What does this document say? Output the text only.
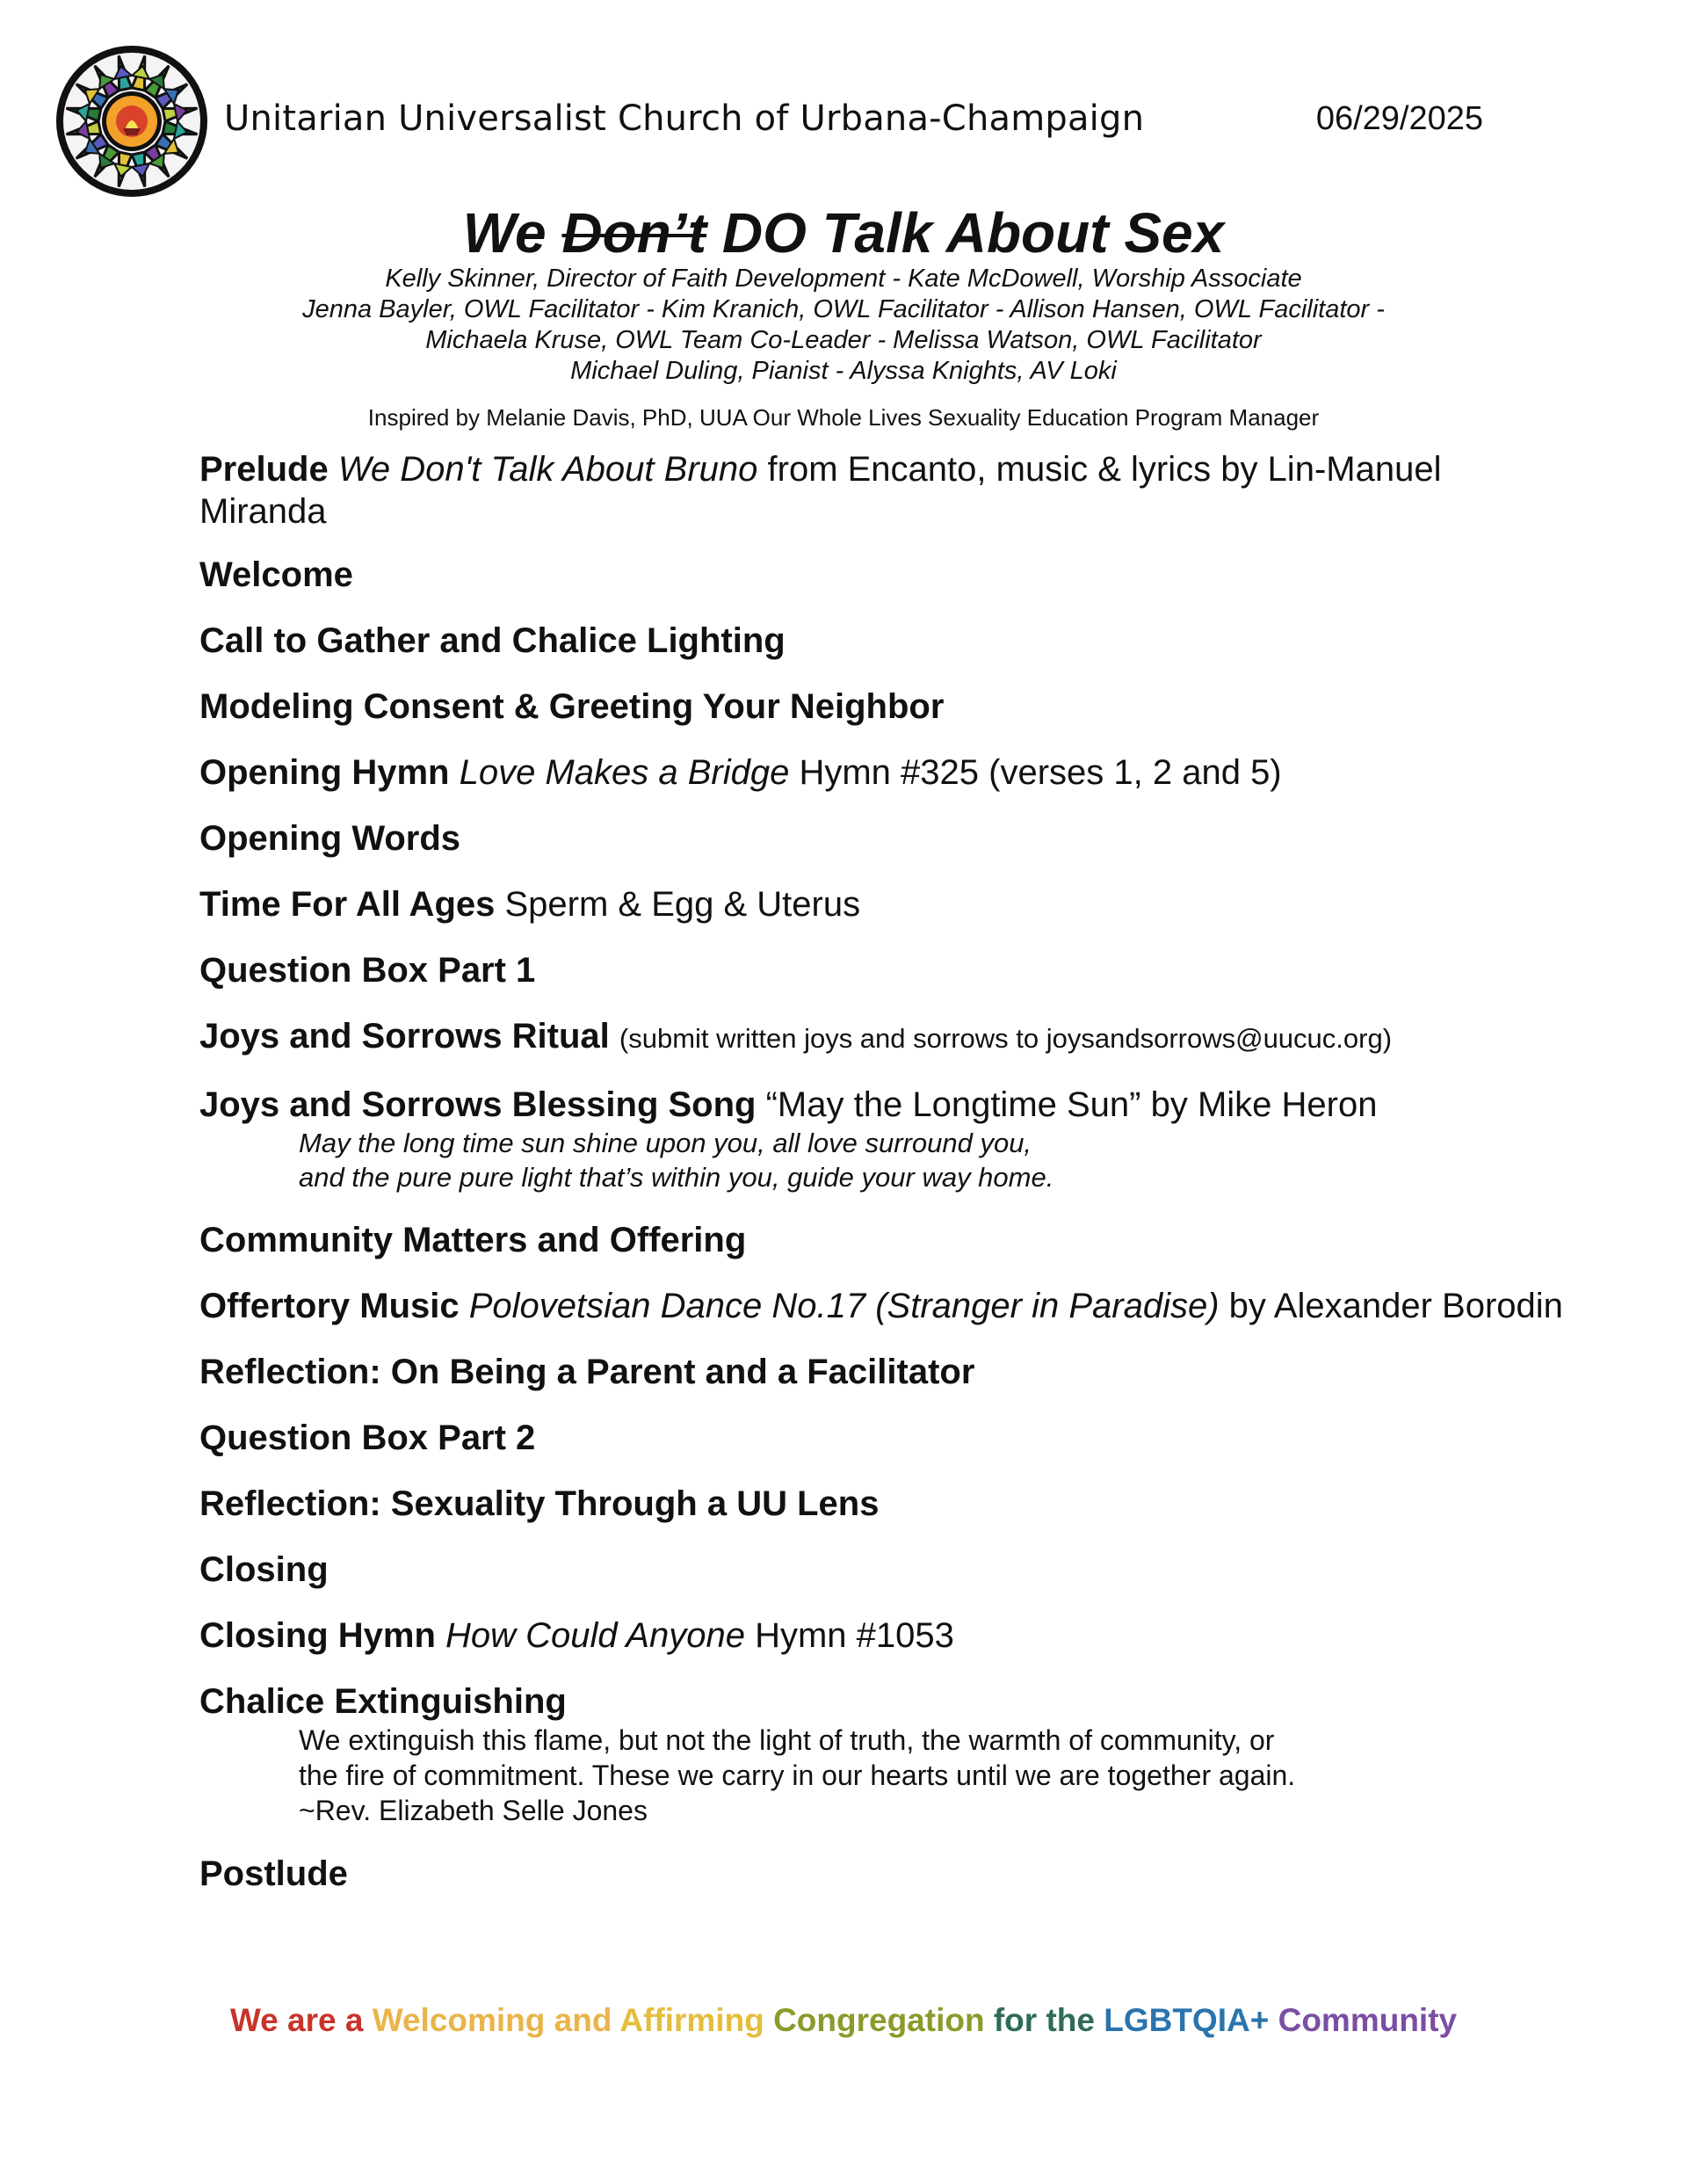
Unitarian Universalist Church of Urbana-Champaign	06/29/2025
We Don’t DO Talk About Sex
Kelly Skinner, Director of Faith Development - Kate McDowell, Worship Associate
Jenna Bayler, OWL Facilitator - Kim Kranich, OWL Facilitator - Allison Hansen, OWL Facilitator -
Michaela Kruse, OWL Team Co-Leader - Melissa Watson, OWL Facilitator
Michael Duling, Pianist - Alyssa Knights, AV Loki
Inspired by Melanie Davis, PhD, UUA Our Whole Lives Sexuality Education Program Manager
Prelude We Don't Talk About Bruno from Encanto, music & lyrics by Lin-Manuel Miranda
Welcome
Call to Gather and Chalice Lighting
Modeling Consent & Greeting Your Neighbor
Opening Hymn Love Makes a Bridge Hymn #325 (verses 1, 2 and 5)
Opening Words
Time For All Ages Sperm & Egg & Uterus
Question Box Part 1
Joys and Sorrows Ritual (submit written joys and sorrows to joysandsorrows@uucuc.org)
Joys and Sorrows Blessing Song “May the Longtime Sun” by Mike Heron
May the long time sun shine upon you, all love surround you,
and the pure pure light that’s within you, guide your way home.
Community Matters and Offering
Offertory Music Polovetsian Dance No.17 (Stranger in Paradise) by Alexander Borodin
Reflection: On Being a Parent and a Facilitator
Question Box Part 2
Reflection: Sexuality Through a UU Lens
Closing
Closing Hymn How Could Anyone Hymn #1053
Chalice Extinguishing
We extinguish this flame, but not the light of truth, the warmth of community, or
the fire of commitment. These we carry in our hearts until we are together again.
~Rev. Elizabeth Selle Jones
Postlude
We are a Welcoming and Affirming Congregation for the LGBTQIA+ Community
